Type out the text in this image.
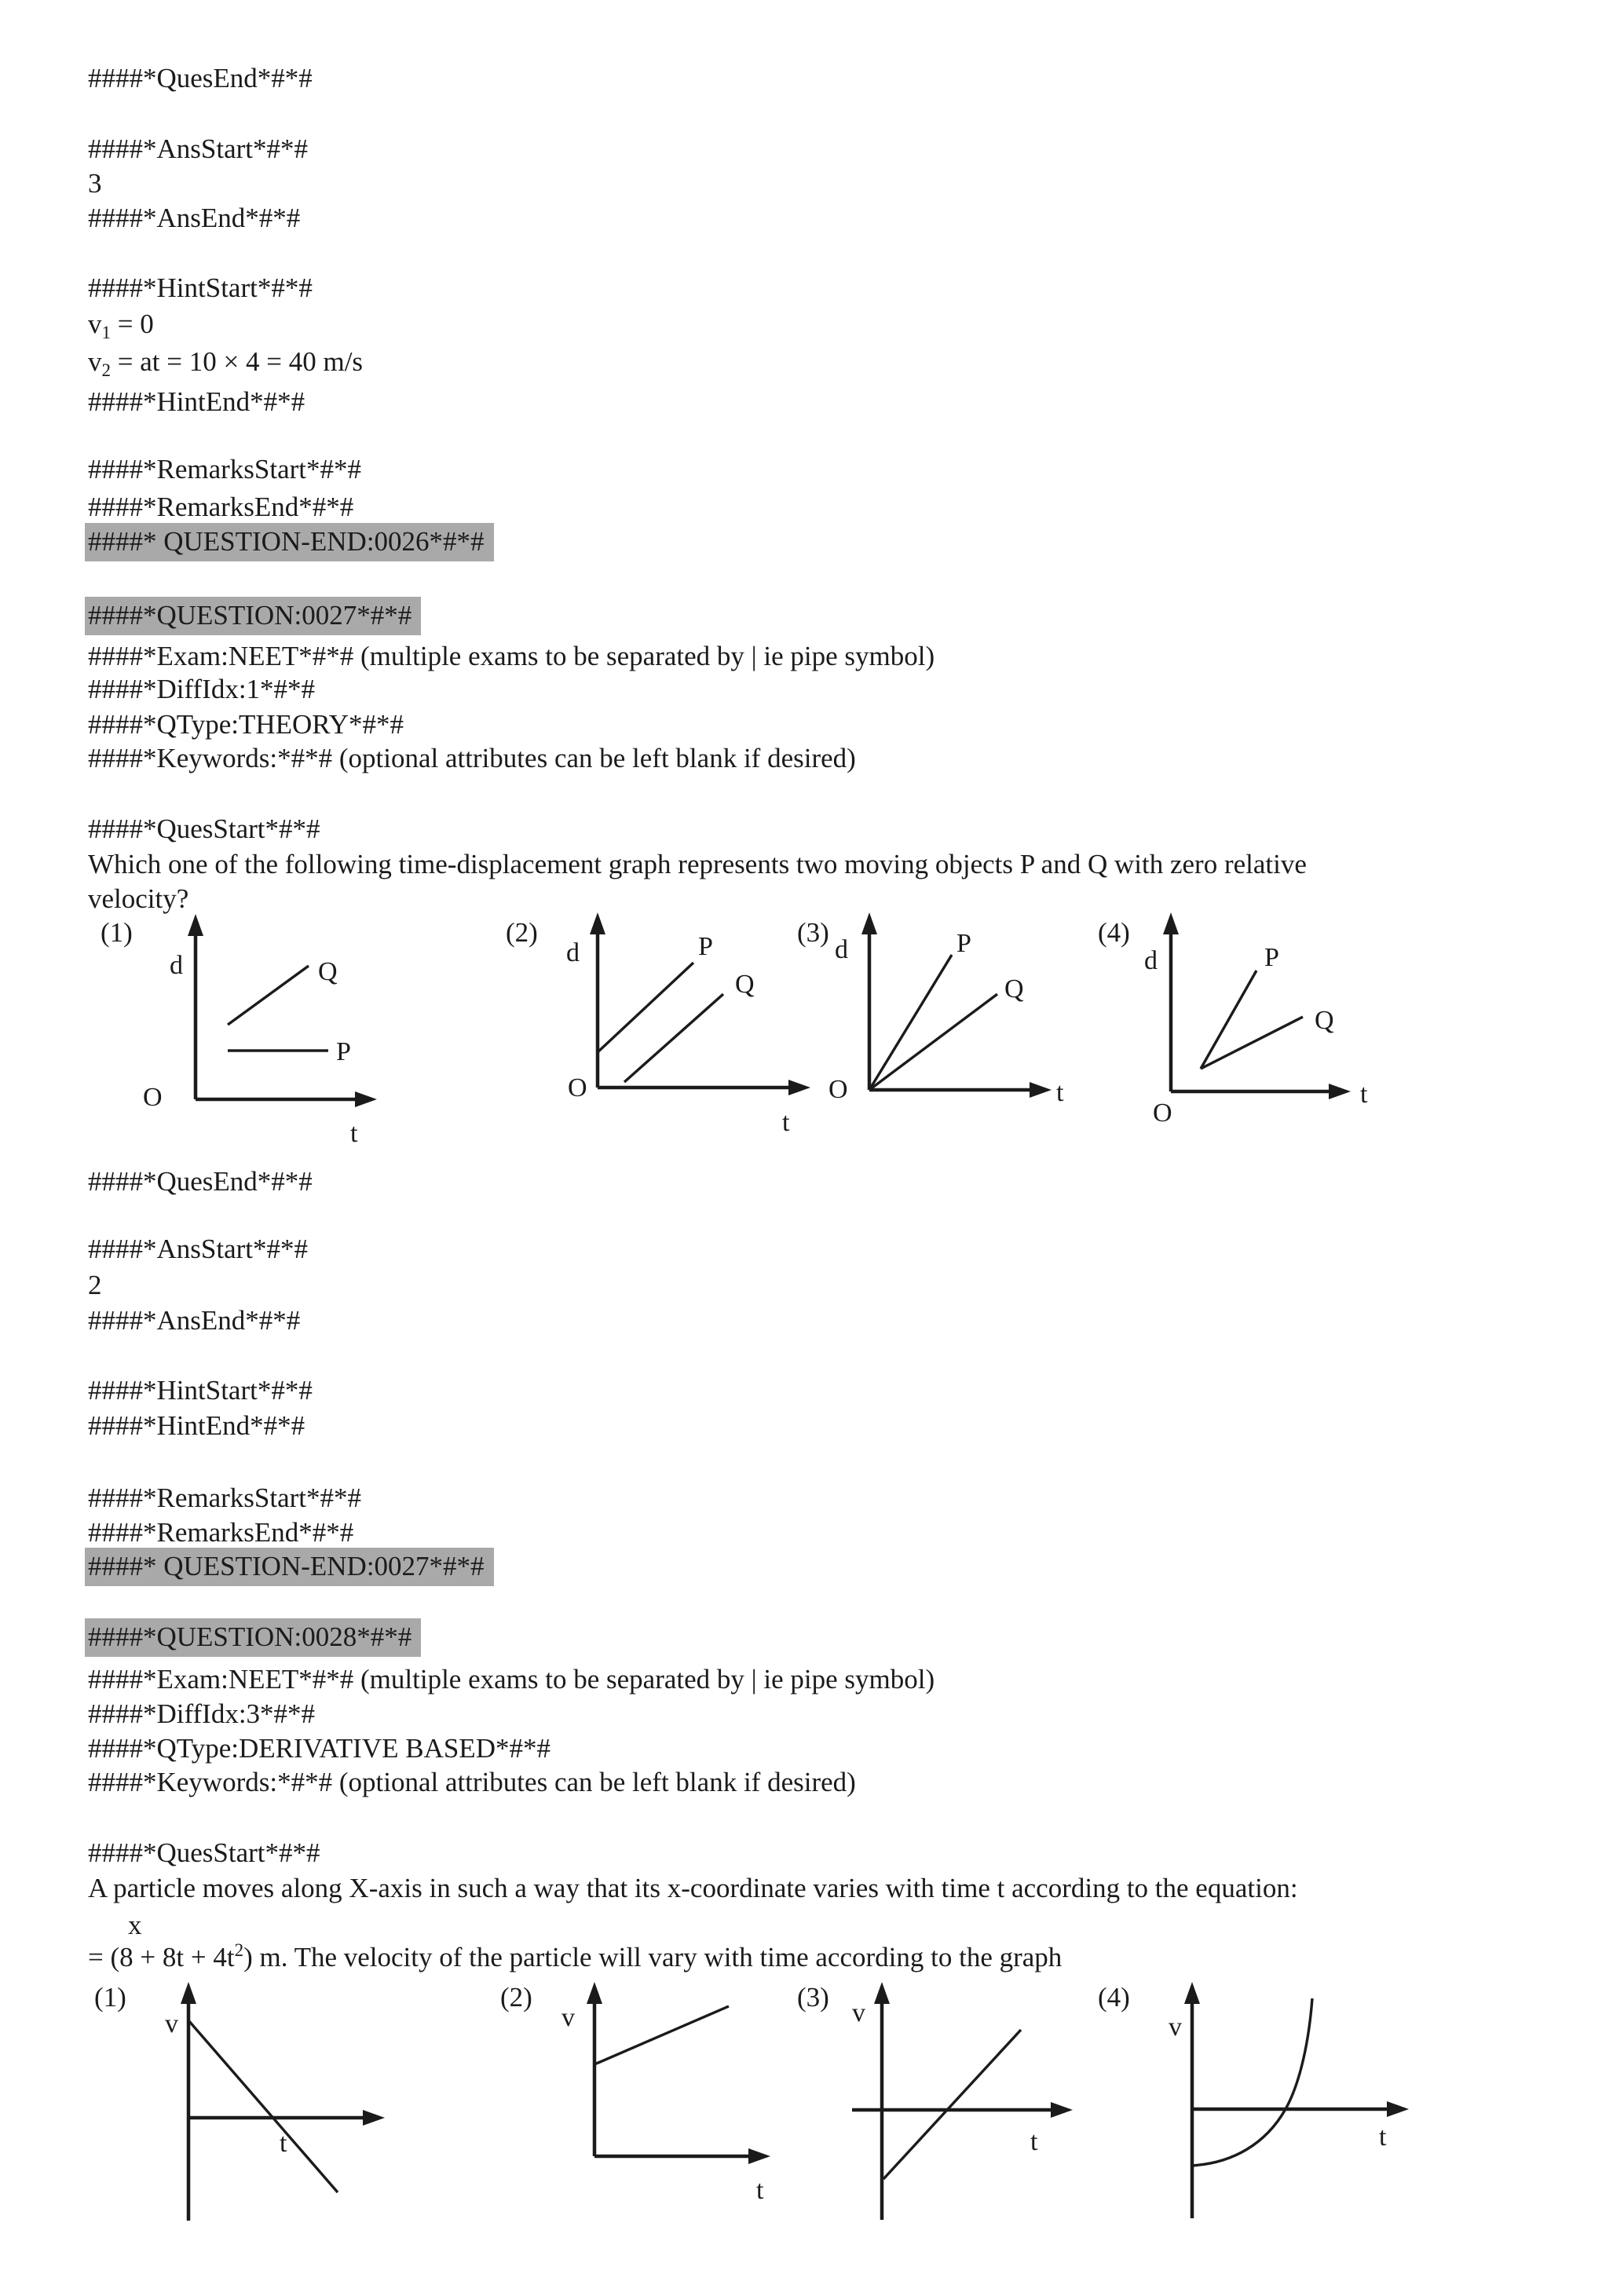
####*QuesEnd*#*#
####*AnsStart*#*#
3
####*AnsEnd*#*#
####*HintStart*#*#
$v_1 = 0$
$v_2$ = at = 10 × 4 = 40 m/s
####*HintEnd*#*#
####*RemarksStart*#*#
####*RemarksEnd*#*#
####* QUESTION-END:0026*#*#
####*QUESTION:0027*#*#
####*Exam:NEET*#*# (multiple exams to be separated by | ie pipe symbol)
####*DiffIdx:1*#*#
####*QType:THEORY*#*#
####*Keywords:*#*# (optional attributes can be left blank if desired)
####*QuesStart*#*#
Which one of the following time-displacement graph represents two moving objects P and Q with zero relative
velocity?
(1)
d
O
t
Q
P
(2)
d
O
t
P
Q
(3)
d
O	t
P
Q
(4)
d
O
t
P
Q
####*QuesEnd*#*#
####*AnsStart*#*#
2
####*AnsEnd*#*#
####*HintStart*#*#
####*HintEnd*#*#
####*RemarksStart*#*#
####*RemarksEnd*#*#
####* QUESTION-END:0027*#*#
####*QUESTION:0028*#*#
####*Exam:NEET*#*# (multiple exams to be separated by | ie pipe symbol)
####*DiffIdx:3*#*#
####*QType:DERIVATIVE BASED*#*#
####*Keywords:*#*# (optional attributes can be left blank if desired)
####*QuesStart*#*#
A particle moves along X-axis in such a way that its x-coordinate varies with time t according to the equation:
x
= $(8 + 8t + 4t^2)$ m. The velocity of the particle will vary with time according to the graph
(1)
v
t
(2)
v
t
(3)
v
t
(4)
v
t
